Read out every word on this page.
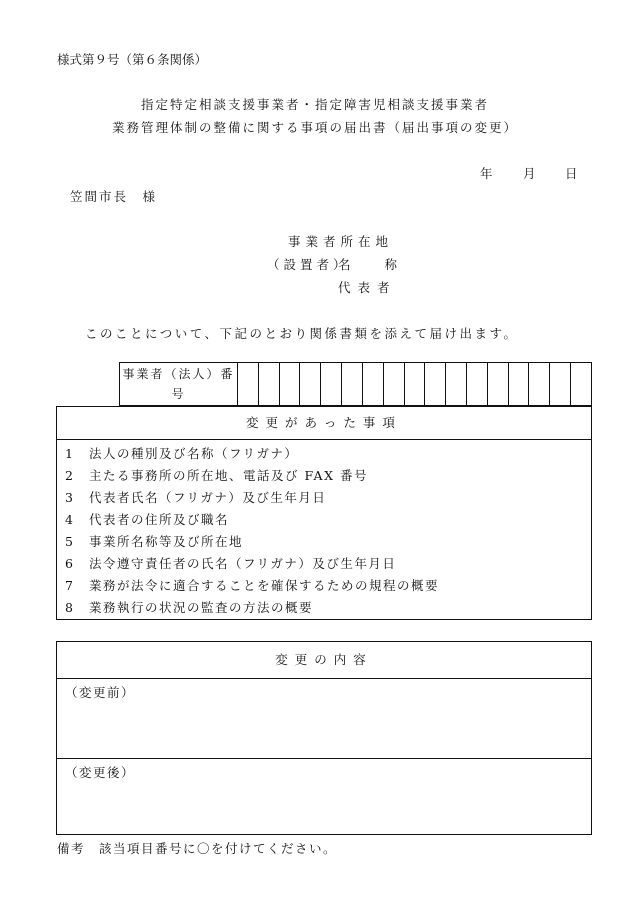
様式第９号（第６条関係）
指定特定相談支援事業者・指定障害児相談支援事業者
業務管理体制の整備に関する事項の届出書（届出事項の変更）
年 月 日
笠間市長　様
事業者所在地
（設置者）
名　　称
代表者
このことについて、下記のとおり関係書類を添えて届け出ます。
事業者（法人）番号																	
変更があった事項
1 法人の種別及び名称（フリガナ）
2 主たる事務所の所在地、電話及び FAX 番号
3 代表者氏名（フリガナ）及び生年月日
4 代表者の住所及び職名
5 事業所名称等及び所在地
6 法令遵守責任者の氏名（フリガナ）及び生年月日
7 業務が法令に適合することを確保するための規程の概要
8 業務執行の状況の監査の方法の概要
変更の内容
（変更前）
（変更後）
備考　該当項目番号に〇を付けてください。
